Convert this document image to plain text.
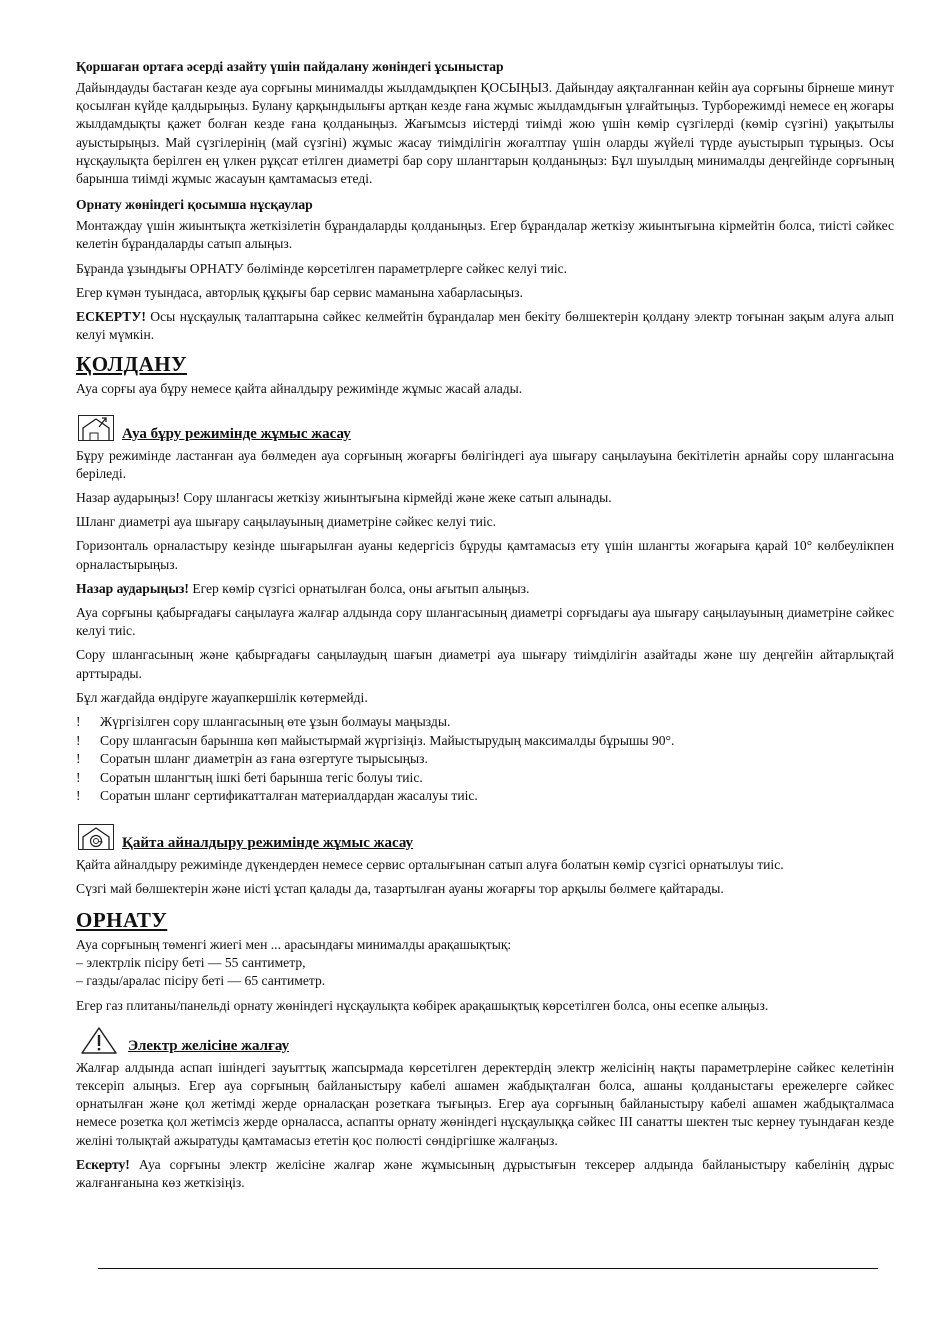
Қоршаған ортаға әсерді азайту үшін пайдалану жөніндегі ұсыныстар

Дайындауды бастаған кезде ауа сорғыны минималды жылдамдықпен ҚОСЫҢЫЗ. Дайындау аяқталғаннан кейін ауа сорғыны бірнеше минут қосылған күйде қалдырыңыз. Булану қарқындылығы артқан кезде ғана жұмыс жылдамдығын ұлғайтыңыз. Турборежимді немесе ең жоғары жылдамдықты қажет болған кезде ғана қолданыңыз. Жағымсыз иістерді тиімді жою үшін көмір сүзгілерді (көмір сүзгіні) уақытылы ауыстырыңыз. Май сүзгілерінің (май сүзгіні) жұмыс жасау тиімділігін жоғалтпау үшін оларды жүйелі түрде ауыстырып тұрыңыз. Осы нұсқаулықта берілген ең үлкен рұқсат етілген диаметрі бар сору шлангтарын қолданыңыз: Бұл шуылдың минималды деңгейінде сорғының барынша тиімді жұмыс жасауын қамтамасыз етеді.

Орнату жөніндегі қосымша нұсқаулар

Монтаждау үшін жиынтықта жеткізілетін бұрандаларды қолданыңыз. Егер бұрандалар жеткізу жиынтығына кірмейтін болса, тиісті сәйкес келетін бұрандаларды сатып алыңыз.

Бұранда ұзындығы ОРНАТУ бөлімінде көрсетілген параметрлерге сәйкес келуі тиіс.

Егер күмән туындаса, авторлық құқығы бар сервис маманына хабарласыңыз.

ЕСКЕРТУ! Осы нұсқаулық талаптарына сәйкес келмейтін бұрандалар мен бекіту бөлшектерін қолдану электр тоғынан зақым алуға алып келуі мүмкін.

ҚОЛДАНУ

Ауа сорғы ауа бұру немесе қайта айналдыру режимінде жұмыс жасай алады.

Ауа бұру режимінде жұмыс жасау

Бұру режимінде ластанған ауа бөлмеден ауа сорғының жоғарғы бөлігіндегі ауа шығару саңылауына бекітілетін арнайы сору шлангасына беріледі.

Назар аударыңыз! Сору шлангасы жеткізу жиынтығына кірмейді және жеке сатып алынады.

Шланг диаметрі ауа шығару саңылауының диаметріне сәйкес келуі тиіс.

Горизонталь орналастыру кезінде шығарылған ауаны кедергісіз бұруды қамтамасыз ету үшін шлангты жоғарыға қарай 10° көлбеулікпен орналастырыңыз.

Назар аударыңыз! Егер көмір сүзгісі орнатылған болса, оны ағытып алыңыз.

Ауа сорғыны қабырғадағы саңылауға жалғар алдында сору шлангасының диаметрі сорғыдағы ауа шығару саңылауының диаметріне сәйкес келуі тиіс.

Сору шлангасының және қабырғадағы саңылаудың шағын диаметрі ауа шығару тиімділігін азайтады және шу деңгейін айтарлықтай арттырады.

Бұл жағдайда өндіруге жауапкершілік көтермейді.

!	Жүргізілген сору шлангасының өте ұзын болмауы маңызды.
!	Сору шлангасын барынша көп майыстырмай жүргізіңіз. Майыстырудың максималды бұрышы 90°.
!	Соратын шланг диаметрін аз ғана өзгертуге тырысыңыз.
!	Соратын шлангтың ішкі беті барынша тегіс болуы тиіс.
!	Соратын шланг сертификатталған материалдардан жасалуы тиіс.
Қайта айналдыру режимінде жұмыс жасау

Қайта айналдыру режимінде дүкендерден немесе сервис орталығынан сатып алуға болатын көмір сүзгісі орнатылуы тиіс.

Сүзгі май бөлшектерін және иісті ұстап қалады да, тазартылған ауаны жоғарғы тор арқылы бөлмеге қайтарады.

ОРНАТУ

Ауа сорғының төменгі жиегі мен ... арасындағы минималды арақашықтық:

– электрлік пісіру беті — 55 сантиметр,

– газды/аралас пісіру беті — 65 сантиметр.

Егер газ плитаны/панельді орнату жөніндегі нұсқаулықта көбірек арақашықтық көрсетілген болса, оны есепке алыңыз.

Электр желісіне жалғау

Жалғар алдында аспап ішіндегі зауыттық жапсырмада көрсетілген деректердің электр желісінің нақты параметрлеріне сәйкес келетінін тексеріп алыңыз. Егер ауа сорғының байланыстыру кабелі ашамен жабдықталған болса, ашаны қолданыстағы ережелерге сәйкес орнатылған және қол жетімді жерде орналасқан розеткаға тығыңыз. Егер ауа сорғының байланыстыру кабелі ашамен жабдықталмаса немесе розетка қол жетімсіз жерде орналасса, аспапты орнату жөніндегі нұсқаулыққа сәйкес III санатты шектен тыс кернеу туындаған кезде желіні толықтай ажыратуды қамтамасыз ететін қос полюсті сөндіргішке жалғаңыз.

Ескерту! Ауа сорғыны электр желісіне жалғар және жұмысының дұрыстығын тексерер алдында байланыстыру кабелінің дұрыс жалғанғанына көз жеткізіңіз.
